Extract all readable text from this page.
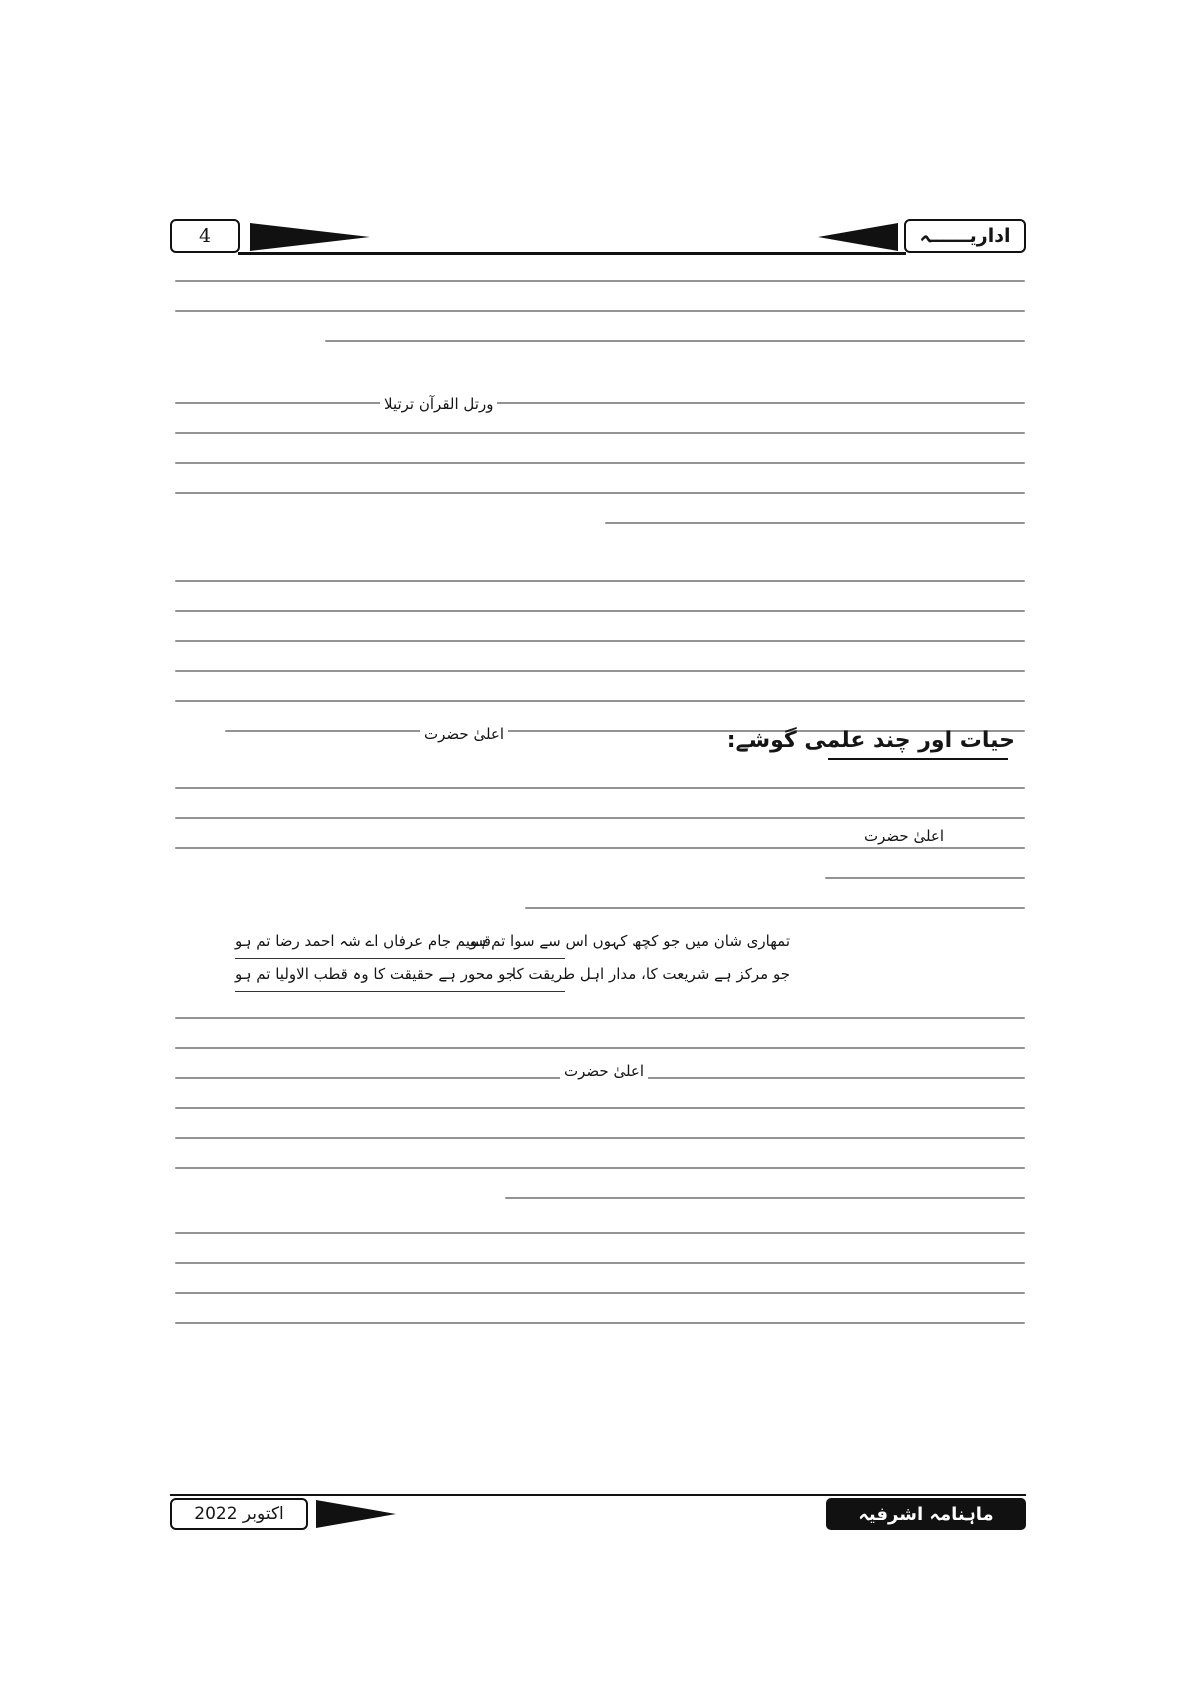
4	اداریــــــہ
ورتل القرآن ترتیلا
اعلیٰ حضرت	حیات اور چند علمی گوشے:
اعلیٰ حضرت
تمھاری شان میں جو کچھ کہوں اس سے سوا تم ہو
قسیم جام عرفاں اے شہ احمد رضا تم ہو
جو مرکز ہے شریعت کا، مدار اہل طریقت کا
جو محور ہے حقیقت کا وہ قطب الاولیا تم ہو
اعلیٰ حضرت
اکتوبر 2022	ماہنامہ اشرفیہ
